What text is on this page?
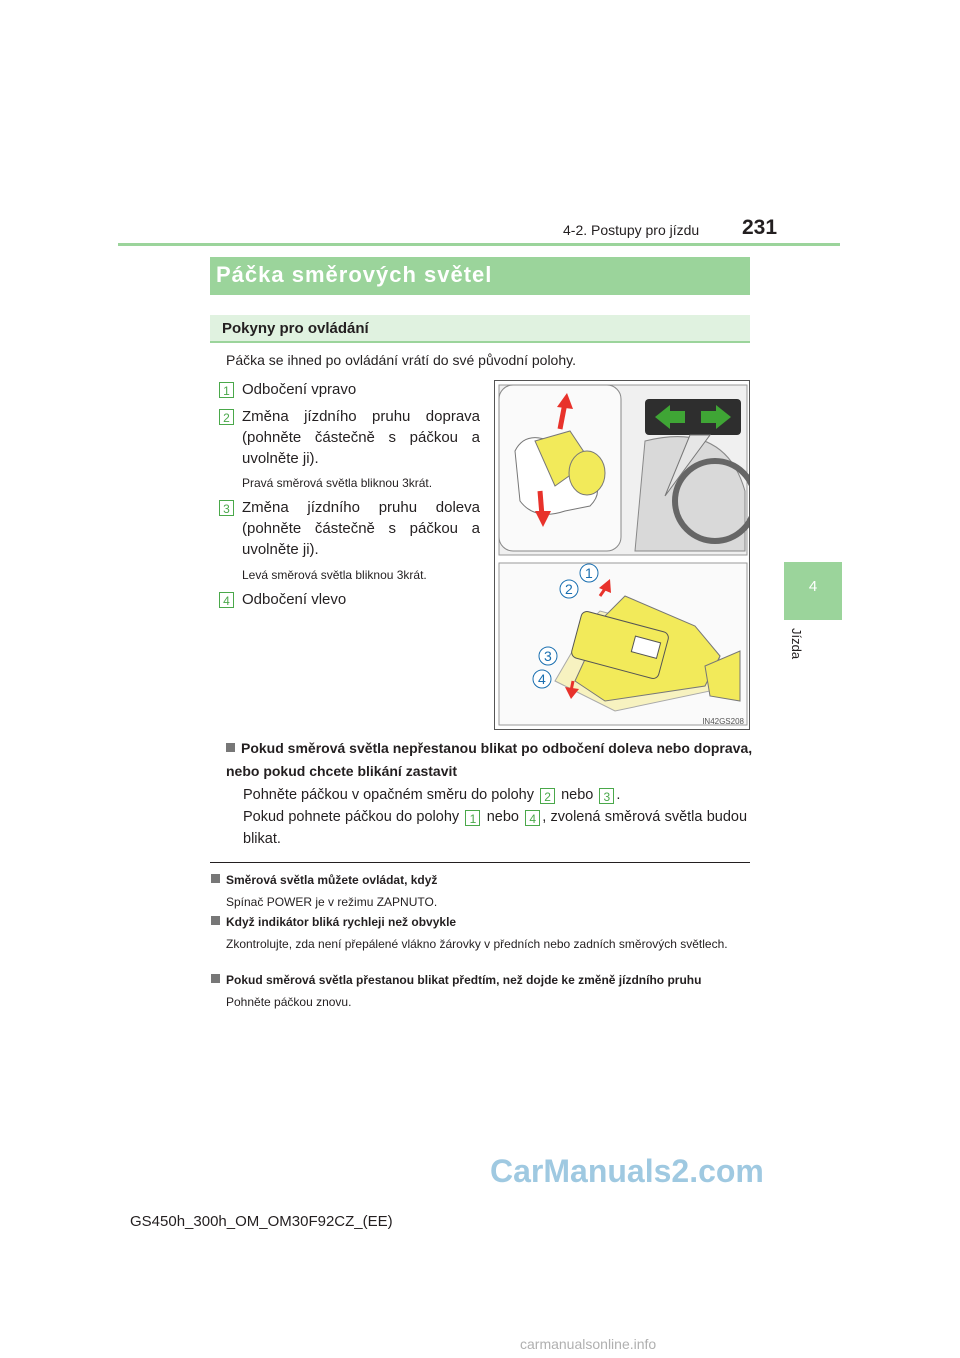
4-2. Postupy pro jízdu 231
4
Jízda
Páčka směrových světel
Pokyny pro ovládání
Páčka se ihned po ovládání vrátí do své původní polohy.
1 Odbočení vpravo
2 Změna jízdního pruhu doprava (pohněte částečně s páčkou a uvolněte ji).
Pravá směrová světla bliknou 3krát.
3 Změna jízdního pruhu doleva (pohněte částečně s páčkou a uvolněte ji).
Levá směrová světla bliknou 3krát.
4 Odbočení vlevo
1
2
3
4
IN42GS208
Pokud směrová světla nepřestanou blikat po odbočení doleva nebo doprava, nebo pokud chcete blikání zastavit
Pohněte páčkou v opačném směru do polohy 2 nebo 3 .
Pokud pohnete páčkou do polohy 1 nebo 4 , zvolená směrová světla budou blikat.
Směrová světla můžete ovládat, když
Spínač POWER je v režimu ZAPNUTO.
Když indikátor bliká rychleji než obvykle
Zkontrolujte, zda není přepálené vlákno žárovky v předních nebo zadních směrových světlech.
Pokud směrová světla přestanou blikat předtím, než dojde ke změně jízdního pruhu
Pohněte páčkou znovu.
CarManuals2.com
GS450h_300h_OM_OM30F92CZ_(EE)
carmanualsonline.info
